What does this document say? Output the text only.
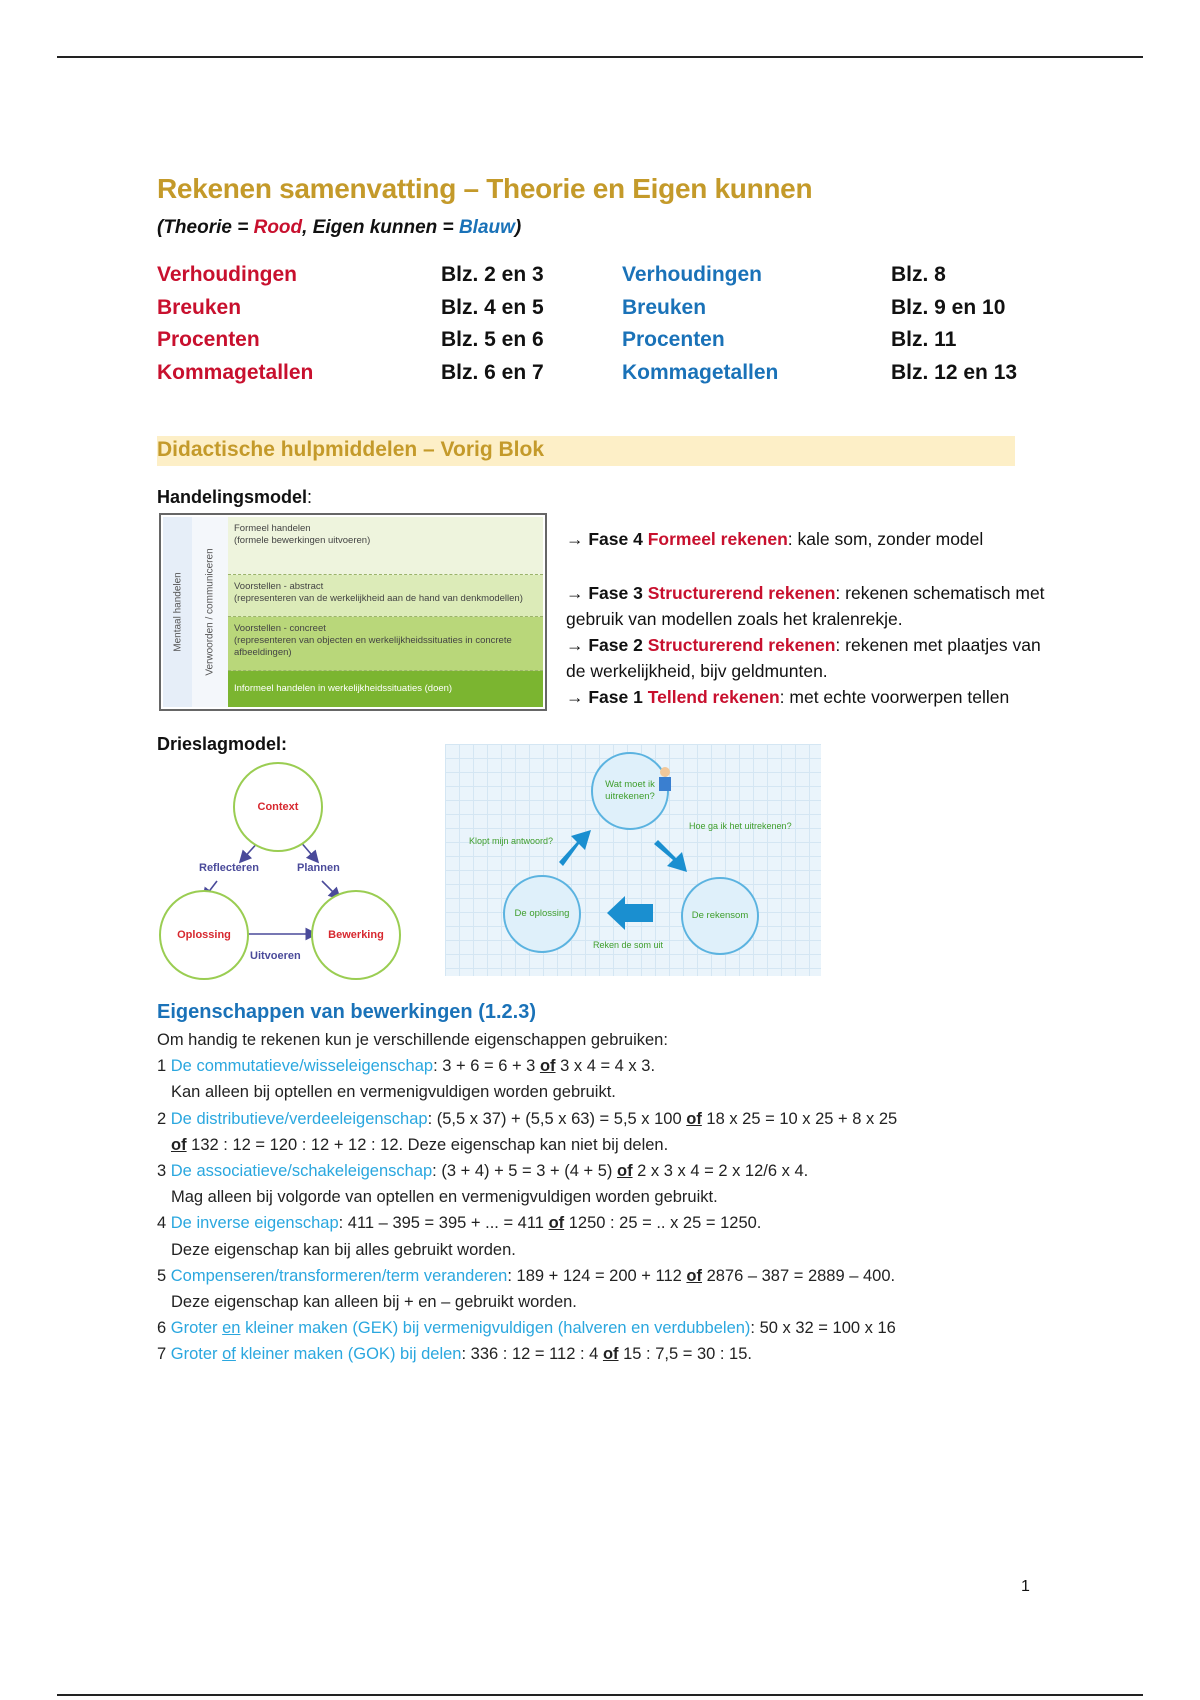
Rekenen samenvatting – Theorie en Eigen kunnen
(Theorie = Rood, Eigen kunnen = Blauw)
Verhoudingen
Breuken
Procenten
Kommagetallen
Blz. 2 en 3
Blz. 4 en 5
Blz. 5 en 6
Blz. 6 en 7
Verhoudingen
Breuken
Procenten
Kommagetallen
Blz. 8
Blz. 9 en 10
Blz. 11
Blz. 12 en 13
Didactische hulpmiddelen – Vorig Blok
Handelingsmodel:
Mentaal handelen Verwoorden / communiceren
Formeel handelen
(formele bewerkingen uitvoeren)
Voorstellen - abstract
(representeren van de werkelijkheid aan de hand van denkmodellen)
Voorstellen - concreet
(representeren van objecten en werkelijkheidssituaties in concrete afbeeldingen)
Informeel handelen in werkelijkheidssituaties (doen)
→ Fase 4 Formeel rekenen: kale som, zonder model
→ Fase 3 Structurerend rekenen: rekenen schematisch met gebruik van modellen zoals het kralenrekje.
→ Fase 2 Structurerend rekenen: rekenen met plaatjes van de werkelijkheid, bijv geldmunten.
→ Fase 1 Tellend rekenen: met echte voorwerpen tellen
Drieslagmodel:
Context
Oplossing	Bewerking
Reflecteren	Plannen
Uitvoeren
Wat moet ik uitrekenen?
De rekensom
De oplossing
Hoe ga ik het uitrekenen?
Klopt mijn antwoord?
Reken de som uit
Eigenschappen van bewerkingen (1.2.3)

Om handig te rekenen kun je verschillende eigenschappen gebruiken:

1 De commutatieve/wisseleigenschap: 3 + 6 = 6 + 3 of 3 x 4 = 4 x 3.

Kan alleen bij optellen en vermenigvuldigen worden gebruikt.

2 De distributieve/verdeeleigenschap: (5,5 x 37) + (5,5 x 63) = 5,5 x 100 of 18 x 25 = 10 x 25 + 8 x 25

of 132 : 12 = 120 : 12 + 12 : 12. Deze eigenschap kan niet bij delen.

3 De associatieve/schakeleigenschap: (3 + 4) + 5 = 3 + (4 + 5) of 2 x 3 x 4 = 2 x 12/6 x 4.

Mag alleen bij volgorde van optellen en vermenigvuldigen worden gebruikt.

4 De inverse eigenschap: 411 – 395 = 395 + ... = 411 of 1250 : 25 = .. x 25 = 1250.

Deze eigenschap kan bij alles gebruikt worden.

5 Compenseren/transformeren/term veranderen: 189 + 124 = 200 + 112 of 2876 – 387 = 2889 – 400.

Deze eigenschap kan alleen bij + en – gebruikt worden.

6 Groter en kleiner maken (GEK) bij vermenigvuldigen (halveren en verdubbelen): 50 x 32 = 100 x 16

7 Groter of kleiner maken (GOK) bij delen: 336 : 12 = 112 : 4 of 15 : 7,5 = 30 : 15.

1
